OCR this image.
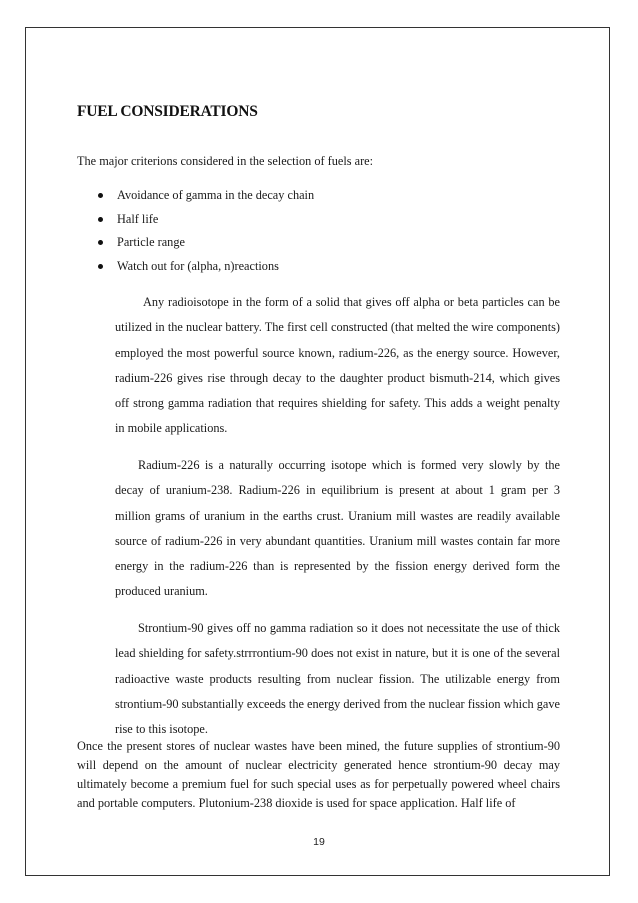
FUEL CONSIDERATIONS
The major criterions considered in the selection of fuels are:
Avoidance of gamma in the decay chain
Half life
Particle range
Watch out for (alpha, n)reactions

Any radioisotope in the form of a solid that gives off alpha or beta particles can be utilized in the nuclear battery. The first cell constructed (that melted the wire components) employed the most powerful source known, radium-226, as the energy source. However, radium-226 gives rise through decay to the daughter product bismuth-214, which gives off strong gamma radiation that requires shielding for safety. This adds a weight penalty in mobile applications.

Radium-226 is a naturally occurring isotope which is formed very slowly by the decay of uranium-238. Radium-226 in equilibrium is present at about 1 gram per 3 million grams of uranium in the earths crust. Uranium mill wastes are readily available source of radium-226 in very abundant quantities. Uranium mill wastes contain far more energy in the radium-226 than is represented by the fission energy derived form the produced uranium.

Strontium-90 gives off no gamma radiation so it does not necessitate the use of thick lead shielding for safety.strrrontium-90 does not exist in nature, but it is one of the several radioactive waste products resulting from nuclear fission. The utilizable energy from strontium-90 substantially exceeds the energy derived from the nuclear fission which gave rise to this isotope.

Once the present stores of nuclear wastes have been mined, the future supplies of strontium-90 will depend on the amount of nuclear electricity generated hence strontium-90 decay may ultimately become a premium fuel for such special uses as for perpetually powered wheel chairs and portable computers. Plutonium-238 dioxide is used for space application. Half life of

19
